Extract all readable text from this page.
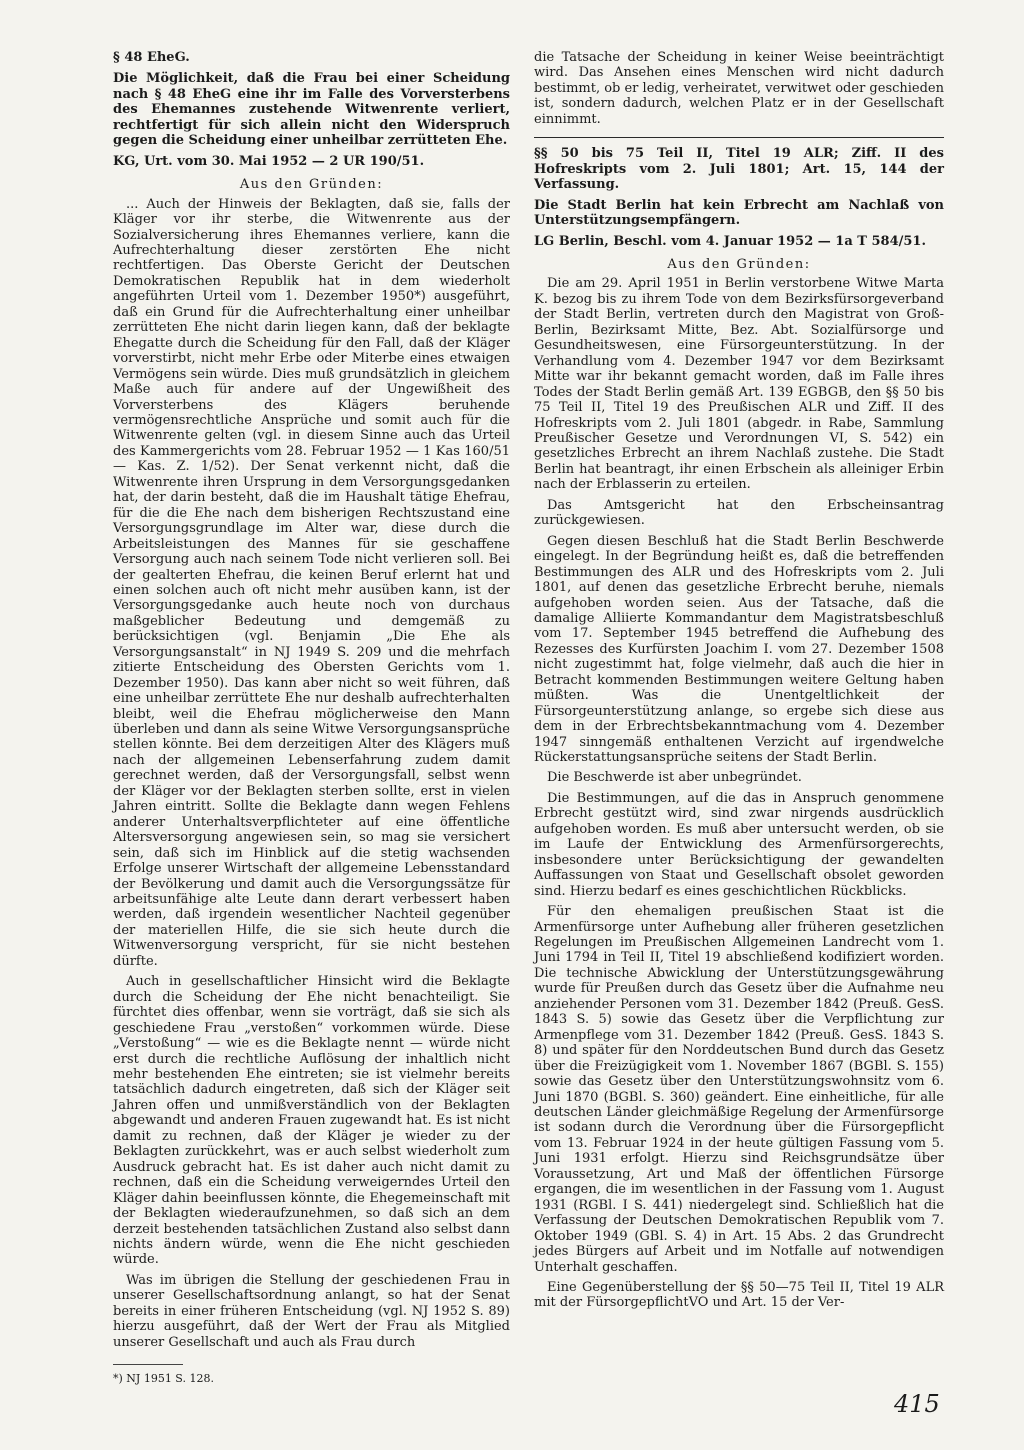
§ 48 EheG.
Die Möglichkeit, daß die Frau bei einer Scheidung nach § 48 EheG eine ihr im Falle des Vorversterbens des Ehemannes zustehende Witwenrente verliert, rechtfertigt für sich allein nicht den Widerspruch gegen die Scheidung einer unheilbar zerrütteten Ehe.
KG, Urt. vom 30. Mai 1952 — 2 UR 190/51.
Aus den Gründen:

... Auch der Hinweis der Beklagten, daß sie, falls der Kläger vor ihr sterbe, die Witwenrente aus der Sozialversicherung ihres Ehemannes verliere, kann die Aufrechterhaltung dieser zerstörten Ehe nicht rechtfertigen. Das Oberste Gericht der Deutschen Demokratischen Republik hat in dem wiederholt angeführten Urteil vom 1. Dezember 1950*) ausgeführt, daß ein Grund für die Aufrechterhaltung einer unheilbar zerrütteten Ehe nicht darin liegen kann, daß der beklagte Ehegatte durch die Scheidung für den Fall, daß der Kläger vorverstirbt, nicht mehr Erbe oder Miterbe eines etwaigen Vermögens sein würde. Dies muß grundsätzlich in gleichem Maße auch für andere auf der Ungewißheit des Vorversterbens des Klägers beruhende vermögensrechtliche Ansprüche und somit auch für die Witwenrente gelten (vgl. in diesem Sinne auch das Urteil des Kammergerichts vom 28. Februar 1952 — 1 Kas 160/51 — Kas. Z. 1/52). Der Senat verkennt nicht, daß die Witwenrente ihren Ursprung in dem Versorgungsgedanken hat, der darin besteht, daß die im Haushalt tätige Ehefrau, für die die Ehe nach dem bisherigen Rechtszustand eine Versorgungsgrundlage im Alter war, diese durch die Arbeitsleistungen des Mannes für sie geschaffene Versorgung auch nach seinem Tode nicht verlieren soll. Bei der gealterten Ehefrau, die keinen Beruf erlernt hat und einen solchen auch oft nicht mehr ausüben kann, ist der Versorgungsgedanke auch heute noch von durchaus maßgeblicher Bedeutung und demgemäß zu berücksichtigen (vgl. Benjamin „Die Ehe als Versorgungsanstalt“ in NJ 1949 S. 209 und die mehrfach zitierte Entscheidung des Obersten Gerichts vom 1. Dezember 1950). Das kann aber nicht so weit führen, daß eine unheilbar zerrüttete Ehe nur deshalb aufrechterhalten bleibt, weil die Ehefrau möglicherweise den Mann überleben und dann als seine Witwe Versorgungsansprüche stellen könnte. Bei dem derzeitigen Alter des Klägers muß nach der allgemeinen Lebenserfahrung zudem damit gerechnet werden, daß der Versorgungsfall, selbst wenn der Kläger vor der Beklagten sterben sollte, erst in vielen Jahren eintritt. Sollte die Beklagte dann wegen Fehlens anderer Unterhaltsverpflichteter auf eine öffentliche Altersversorgung angewiesen sein, so mag sie versichert sein, daß sich im Hinblick auf die stetig wachsenden Erfolge unserer Wirtschaft der allgemeine Lebensstandard der Bevölkerung und damit auch die Versorgungssätze für arbeitsunfähige alte Leute dann derart verbessert haben werden, daß irgendein wesentlicher Nachteil gegenüber der materiellen Hilfe, die sie sich heute durch die Witwenversorgung verspricht, für sie nicht bestehen dürfte.

Auch in gesellschaftlicher Hinsicht wird die Beklagte durch die Scheidung der Ehe nicht benachteiligt. Sie fürchtet dies offenbar, wenn sie vorträgt, daß sie sich als geschiedene Frau „verstoßen“ vorkommen würde. Diese „Verstoßung“ — wie es die Beklagte nennt — würde nicht erst durch die rechtliche Auflösung der inhaltlich nicht mehr bestehenden Ehe eintreten; sie ist vielmehr bereits tatsächlich dadurch eingetreten, daß sich der Kläger seit Jahren offen und unmißverständlich von der Beklagten abgewandt und anderen Frauen zugewandt hat. Es ist nicht damit zu rechnen, daß der Kläger je wieder zu der Beklagten zurückkehrt, was er auch selbst wiederholt zum Ausdruck gebracht hat. Es ist daher auch nicht damit zu rechnen, daß ein die Scheidung verweigerndes Urteil den Kläger dahin beeinflussen könnte, die Ehegemeinschaft mit der Beklagten wiederaufzunehmen, so daß sich an dem derzeit bestehenden tatsächlichen Zustand also selbst dann nichts ändern würde, wenn die Ehe nicht geschieden würde.

Was im übrigen die Stellung der geschiedenen Frau in unserer Gesellschaftsordnung anlangt, so hat der Senat bereits in einer früheren Entscheidung (vgl. NJ 1952 S. 89) hierzu ausgeführt, daß der Wert der Frau als Mitglied unserer Gesellschaft und auch als Frau durch

*) NJ 1951 S. 128.

die Tatsache der Scheidung in keiner Weise beeinträchtigt wird. Das Ansehen eines Menschen wird nicht dadurch bestimmt, ob er ledig, verheiratet, verwitwet oder geschieden ist, sondern dadurch, welchen Platz er in der Gesellschaft einnimmt.

§§ 50 bis 75 Teil II, Titel 19 ALR; Ziff. II des Hofreskripts vom 2. Juli 1801; Art. 15, 144 der Verfassung.
Die Stadt Berlin hat kein Erbrecht am Nachlaß von Unterstützungsempfängern.
LG Berlin, Beschl. vom 4. Januar 1952 — 1a T 584/51.
Aus den Gründen:

Die am 29. April 1951 in Berlin verstorbene Witwe Marta K. bezog bis zu ihrem Tode von dem Bezirksfürsorgeverband der Stadt Berlin, vertreten durch den Magistrat von Groß-Berlin, Bezirksamt Mitte, Bez. Abt. Sozialfürsorge und Gesundheitswesen, eine Fürsorgeunterstützung. In der Verhandlung vom 4. Dezember 1947 vor dem Bezirksamt Mitte war ihr bekannt gemacht worden, daß im Falle ihres Todes der Stadt Berlin gemäß Art. 139 EGBGB, den §§ 50 bis 75 Teil II, Titel 19 des Preußischen ALR und Ziff. II des Hofreskripts vom 2. Juli 1801 (abgedr. in Rabe, Sammlung Preußischer Gesetze und Verordnungen VI, S. 542) ein gesetzliches Erbrecht an ihrem Nachlaß zustehe. Die Stadt Berlin hat beantragt, ihr einen Erbschein als alleiniger Erbin nach der Erblasserin zu erteilen.

Das Amtsgericht hat den Erbscheinsantrag zurückgewiesen.

Gegen diesen Beschluß hat die Stadt Berlin Beschwerde eingelegt. In der Begründung heißt es, daß die betreffenden Bestimmungen des ALR und des Hofreskripts vom 2. Juli 1801, auf denen das gesetzliche Erbrecht beruhe, niemals aufgehoben worden seien. Aus der Tatsache, daß die damalige Alliierte Kommandantur dem Magistratsbeschluß vom 17. September 1945 betreffend die Aufhebung des Rezesses des Kurfürsten Joachim I. vom 27. Dezember 1508 nicht zugestimmt hat, folge vielmehr, daß auch die hier in Betracht kommenden Bestimmungen weitere Geltung haben müßten. Was die Unentgeltlichkeit der Fürsorgeunterstützung anlange, so ergebe sich diese aus dem in der Erbrechtsbekanntmachung vom 4. Dezember 1947 sinngemäß enthaltenen Verzicht auf irgendwelche Rückerstattungsansprüche seitens der Stadt Berlin.

Die Beschwerde ist aber unbegründet.

Die Bestimmungen, auf die das in Anspruch genommene Erbrecht gestützt wird, sind zwar nirgends ausdrücklich aufgehoben worden. Es muß aber untersucht werden, ob sie im Laufe der Entwicklung des Armenfürsorgerechts, insbesondere unter Berücksichtigung der gewandelten Auffassungen von Staat und Gesellschaft obsolet geworden sind. Hierzu bedarf es eines geschichtlichen Rückblicks.

Für den ehemaligen preußischen Staat ist die Armenfürsorge unter Aufhebung aller früheren gesetzlichen Regelungen im Preußischen Allgemeinen Landrecht vom 1. Juni 1794 in Teil II, Titel 19 abschließend kodifiziert worden. Die technische Abwicklung der Unterstützungsgewährung wurde für Preußen durch das Gesetz über die Aufnahme neu anziehender Personen vom 31. Dezember 1842 (Preuß. GesS. 1843 S. 5) sowie das Gesetz über die Verpflichtung zur Armenpflege vom 31. Dezember 1842 (Preuß. GesS. 1843 S. 8) und später für den Norddeutschen Bund durch das Gesetz über die Freizügigkeit vom 1. November 1867 (BGBl. S. 155) sowie das Gesetz über den Unterstützungswohnsitz vom 6. Juni 1870 (BGBl. S. 360) geändert. Eine einheitliche, für alle deutschen Länder gleichmäßige Regelung der Armenfürsorge ist sodann durch die Verordnung über die Fürsorgepflicht vom 13. Februar 1924 in der heute gültigen Fassung vom 5. Juni 1931 erfolgt. Hierzu sind Reichsgrundsätze über Voraussetzung, Art und Maß der öffentlichen Fürsorge ergangen, die im wesentlichen in der Fassung vom 1. August 1931 (RGBl. I S. 441) niedergelegt sind. Schließlich hat die Verfassung der Deutschen Demokratischen Republik vom 7. Oktober 1949 (GBl. S. 4) in Art. 15 Abs. 2 das Grundrecht jedes Bürgers auf Arbeit und im Notfalle auf notwendigen Unterhalt geschaffen.

Eine Gegenüberstellung der §§ 50—75 Teil II, Titel 19 ALR mit der FürsorgepflichtVO und Art. 15 der Ver-

415
